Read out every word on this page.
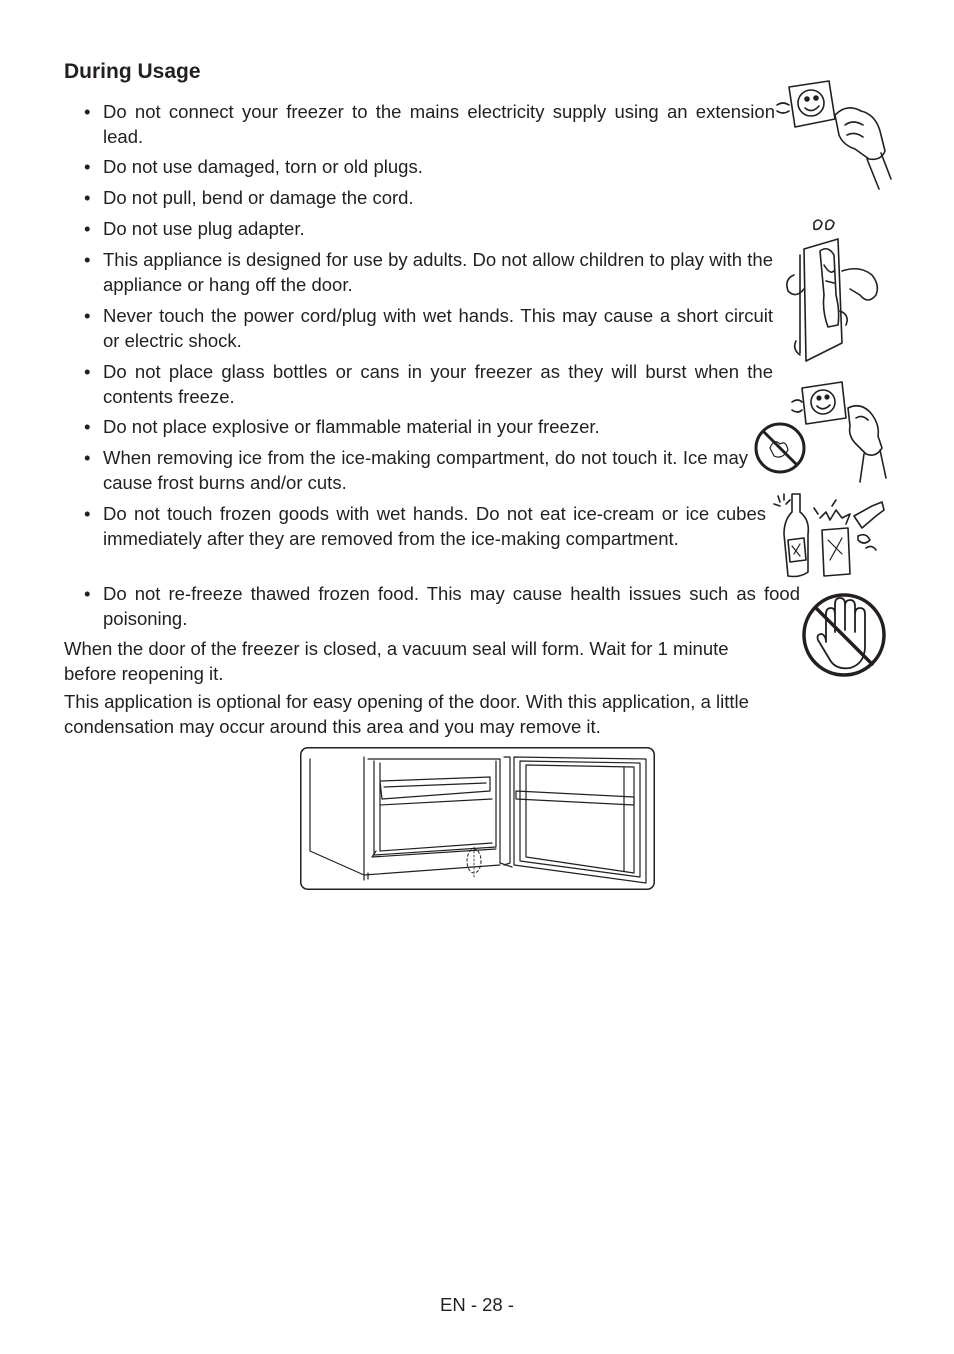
During Usage
• Do not connect your freezer to the mains electricity supply using an extension lead.
• Do not use damaged, torn or old plugs.
• Do not pull, bend or damage the cord.
• Do not use plug adapter.
• This appliance is designed for use by adults. Do not allow children to play with the appliance or hang off the door.
• Never touch the power cord/plug with wet hands. This may cause a short circuit or electric shock.
• Do not place glass bottles or cans in your freezer as they will burst when the contents freeze.
• Do not place explosive or flammable material in your freezer.
• When removing ice from the ice-making compartment, do not touch it. Ice may cause frost burns and/or cuts.
• Do not touch frozen goods with wet hands. Do not eat ice-cream or ice cubes immediately after they are removed from the ice-making compartment.
• Do not re-freeze thawed frozen food. This may cause health issues such as food poisoning.

When the door of the freezer is closed, a vacuum seal will form. Wait for 1 minute before reopening it.

This application is optional for easy opening of the door. With this application, a little condensation may occur around this area and you may remove it.

EN - 28 -
